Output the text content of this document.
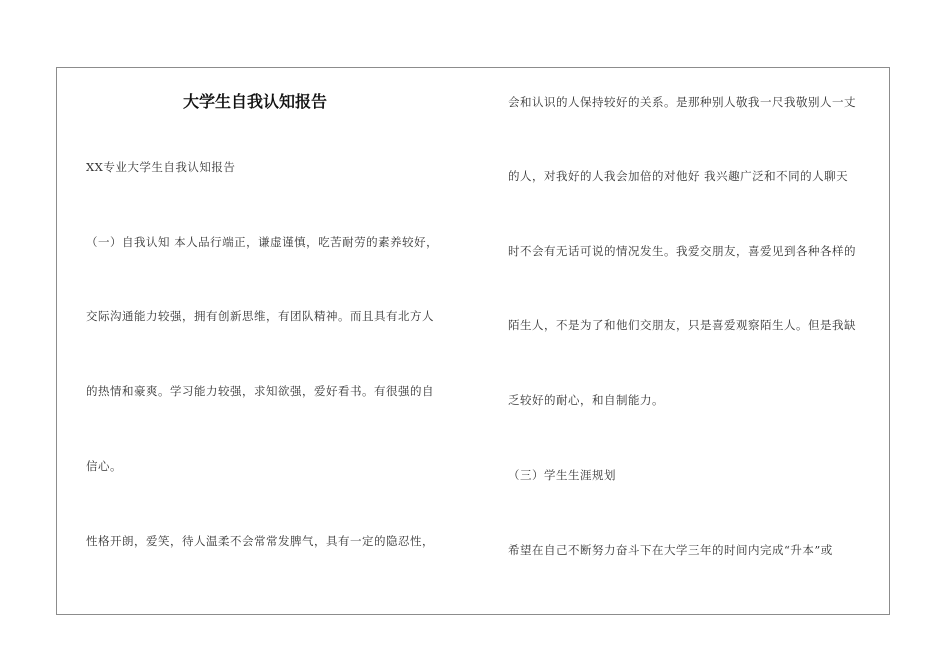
大学生自我认知报告
XX专业大学生自我认知报告
（一）自我认知 本人品行端正，谦虚谨慎，吃苦耐劳的素养较好，
交际沟通能力较强，拥有创新思维，有团队精神。而且具有北方人
的热情和豪爽。学习能力较强，求知欲强，爱好看书。有很强的自
信心。
性格开朗，爱笑，待人温柔不会常常发脾气，具有一定的隐忍性，
会和认识的人保持较好的关系。是那种别人敬我一尺我敬别人一丈
的人，对我好的人我会加倍的对他好 我兴趣广泛和不同的人聊天
时不会有无话可说的情况发生。我爱交朋友，喜爱见到各种各样的
陌生人，不是为了和他们交朋友，只是喜爱观察陌生人。但是我缺
乏较好的耐心，和自制能力。
（三）学生生涯规划
希望在自己不断努力奋斗下在大学三年的时间内完成“升本”或
